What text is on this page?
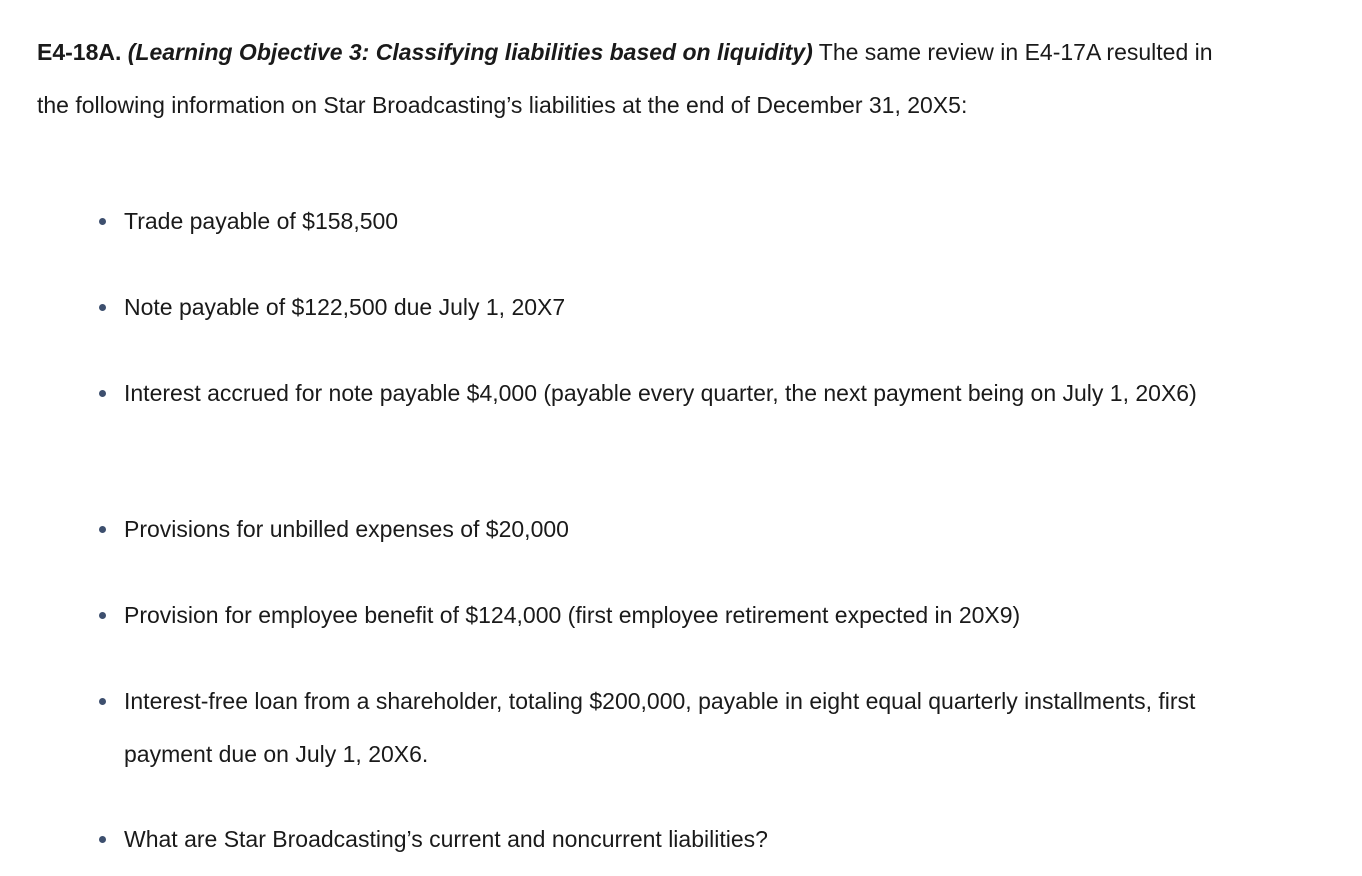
E4-18A. (Learning Objective 3: Classifying liabilities based on liquidity) The same review in E4-17A resulted in the following information on Star Broadcasting’s liabilities at the end of December 31, 20X5:

Trade payable of $158,500
Note payable of $122,500 due July 1, 20X7
Interest accrued for note payable $4,000 (payable every quarter, the next payment being on July 1, 20X6)
Provisions for unbilled expenses of $20,000
Provision for employee benefit of $124,000 (first employee retirement expected in 20X9)
Interest-free loan from a shareholder, totaling $200,000, payable in eight equal quarterly installments, first payment due on July 1, 20X6.
What are Star Broadcasting’s current and noncurrent liabilities?
